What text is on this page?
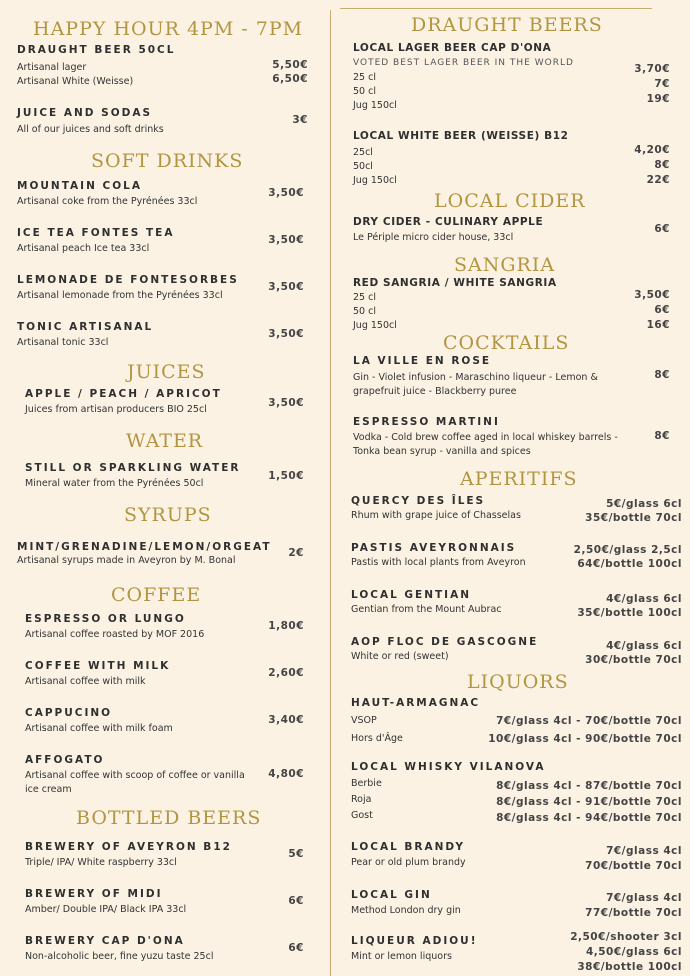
HAPPY HOUR 4PM - 7PM
DRAUGHT BEER 50CL
Artisanal lager
Artisanal White (Weisse)
5,50€
6,50€
JUICE AND SODAS
All of our juices and soft drinks
3€
SOFT DRINKS
MOUNTAIN COLA
Artisanal coke from the Pyrénées 33cl
3,50€
ICE TEA FONTES TEA
Artisanal peach Ice tea 33cl
3,50€
LEMONADE DE FONTESORBES
Artisanal lemonade from the Pyrénées 33cl
3,50€
TONIC ARTISANAL
Artisanal tonic 33cl
3,50€
JUICES
APPLE / PEACH / APRICOT
Juices from artisan producers BIO 25cl
3,50€
WATER
STILL OR SPARKLING WATER
Mineral water from the Pyrénées 50cl
1,50€
SYRUPS
MINT/GRENADINE/LEMON/ORGEAT
Artisanal syrups made in Aveyron by M. Bonal
2€
COFFEE
ESPRESSO OR LUNGO
Artisanal coffee roasted by MOF 2016
1,80€
COFFEE WITH MILK
Artisanal coffee with milk
2,60€
CAPPUCINO
Artisanal coffee with milk foam
3,40€
AFFOGATO
Artisanal coffee with scoop of coffee or vanilla ice cream
4,80€
BOTTLED BEERS
BREWERY OF AVEYRON B12
Triple/ IPA/ White raspberry 33cl
5€
BREWERY OF MIDI
Amber/ Double IPA/ Black IPA 33cl
6€
BREWERY CAP D'ONA
Non-alcoholic beer, fine yuzu taste 25cl
6€
DRAUGHT BEERS
LOCAL LAGER BEER CAP D'ONA
VOTED BEST LAGER BEER IN THE WORLD
25 cl
50 cl
Jug 150cl
3,70€
7€
19€
LOCAL WHITE BEER (WEISSE) B12
25cl
50cl
Jug 150cl
4,20€
8€
22€
LOCAL CIDER
DRY CIDER - CULINARY APPLE
Le Périple micro cider house, 33cl
6€
SANGRIA
RED SANGRIA / WHITE SANGRIA
25 cl
50 cl
Jug 150cl
3,50€
6€
16€
COCKTAILS
LA VILLE EN ROSE
Gin - Violet infusion - Maraschino liqueur - Lemon & grapefruit juice - Blackberry puree
8€
ESPRESSO MARTINI
Vodka - Cold brew coffee aged in local whiskey barrels - Tonka bean syrup - vanilla and spices
8€
APERITIFS
QUERCY DES ÎLES
Rhum with grape juice of Chasselas
5€/glass 6cl
35€/bottle 70cl
PASTIS AVEYRONNAIS
Pastis with local plants from Aveyron
2,50€/glass 2,5cl
64€/bottle 100cl
LOCAL GENTIAN
Gentian from the Mount Aubrac
4€/glass 6cl
35€/bottle 100cl
AOP FLOC DE GASCOGNE
White or red (sweet)
4€/glass 6cl
30€/bottle 70cl
LIQUORS
HAUT-ARMAGNAC
VSOP
Hors d'Âge
7€/glass 4cl - 70€/bottle 70cl
10€/glass 4cl - 90€/bottle 70cl
LOCAL WHISKY VILANOVA
Berbie
Roja
Gost
8€/glass 4cl - 87€/bottle 70cl
8€/glass 4cl - 91€/bottle 70cl
8€/glass 4cl - 94€/bottle 70cl
LOCAL BRANDY
Pear or old plum brandy
7€/glass 4cl
70€/bottle 70cl
LOCAL GIN
Method London dry gin
7€/glass 4cl
77€/bottle 70cl
LIQUEUR ADIOU!
Mint or lemon liquors
2,50€/shooter 3cl
4,50€/glass 6cl
38€/bottle 100cl
